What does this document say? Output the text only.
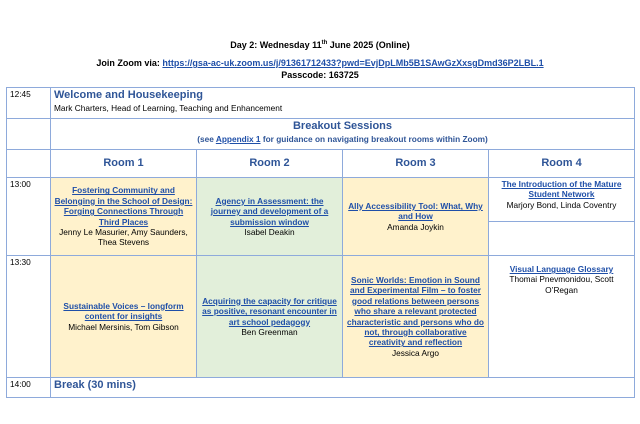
Day 2: Wednesday 11th June 2025 (Online)
Join Zoom via: https://gsa-ac-uk.zoom.us/j/91361712433?pwd=EvjDpLMb5B1SAwGzXxsgDmd36P2LBL.1
Passcode: 163725
12:45	Welcome and Housekeeping
Mark Charters, Head of Learning, Teaching and Enhancement			

	Breakout Sessions
(see Appendix 1 for guidance on navigating breakout rooms within Zoom)			

	Room 1	Room 2	Room 3	Room 4
13:00	Fostering Community and Belonging in the School of Design: Forging Connections Through Third Places
Jenny Le Masurier, Amy Saunders, Thea Stevens	Agency in Assessment: the journey and development of a submission window
Isabel Deakin	Ally Accessibility Tool: What, Why and How
Amanda Joykin	The Introduction of the Mature Student Network
Marjory Bond, Linda Coventry

13:30	Sustainable Voices – longform content for insights
Michael Mersinis, Tom Gibson	Acquiring the capacity for critique as positive, resonant encounter in art school pedagogy
Ben Greenman	Sonic Worlds: Emotion in Sound and Experimental Film – to foster good relations between persons who share a relevant protected characteristic and persons who do not, through collaborative creativity and reflection
Jessica Argo	Visual Language Glossary
Thomai Pnevmonidou, Scott O’Regan

14:00	Break (30 mins)			
